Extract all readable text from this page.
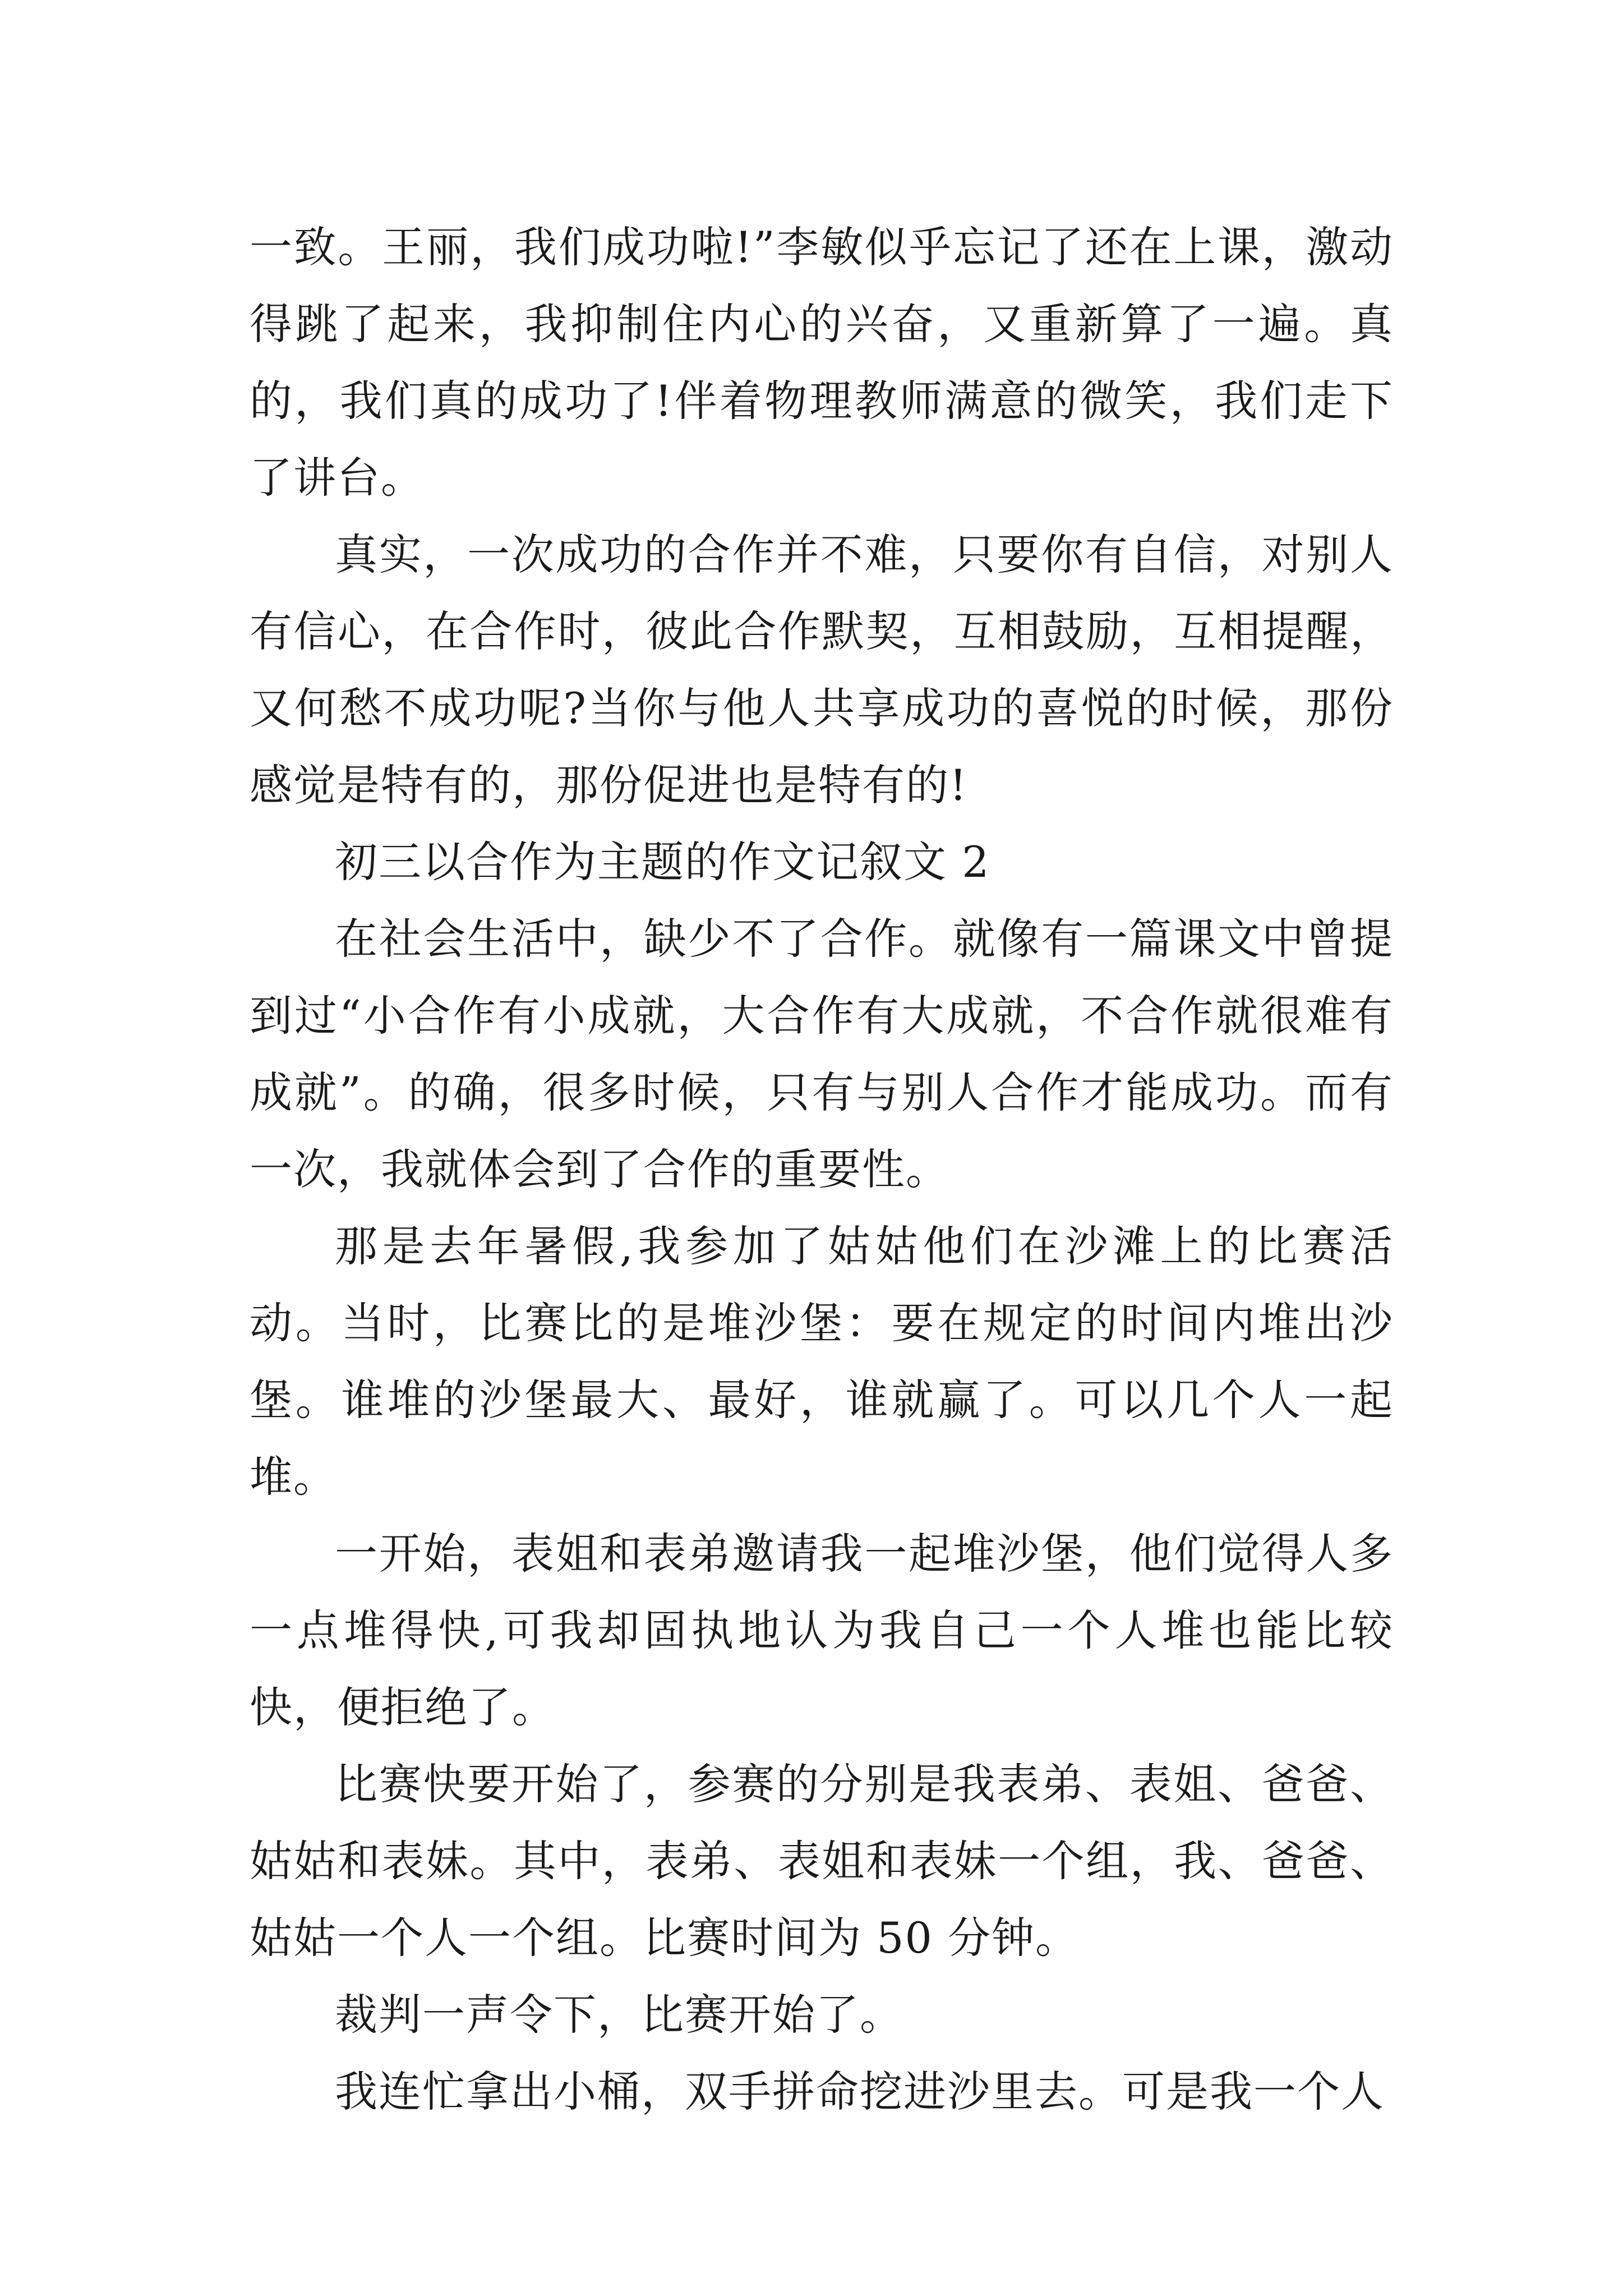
一致。王丽，我们成功啦!”李敏似乎忘记了还在上课，激动得跳了起来，我抑制住内心的兴奋，又重新算了一遍。真的，我们真的成功了!伴着物理教师满意的微笑，我们走下了讲台。

真实，一次成功的合作并不难，只要你有自信，对别人有信心，在合作时，彼此合作默契，互相鼓励，互相提醒，又何愁不成功呢?当你与他人共享成功的喜悦的时候，那份感觉是特有的，那份促进也是特有的!

初三以合作为主题的作文记叙文 2

在社会生活中，缺少不了合作。就像有一篇课文中曾提到过“小合作有小成就，大合作有大成就，不合作就很难有成就”。的确，很多时候，只有与别人合作才能成功。而有一次，我就体会到了合作的重要性。

那是去年暑假,我参加了姑姑他们在沙滩上的比赛活动。当时，比赛比的是堆沙堡：要在规定的时间内堆出沙堡。谁堆的沙堡最大、最好，谁就赢了。可以几个人一起堆。

一开始，表姐和表弟邀请我一起堆沙堡，他们觉得人多一点堆得快,可我却固执地认为我自己一个人堆也能比较快，便拒绝了。

比赛快要开始了，参赛的分别是我表弟、表姐、爸爸、姑姑和表妹。其中，表弟、表姐和表妹一个组，我、爸爸、姑姑一个人一个组。比赛时间为 50 分钟。

裁判一声令下，比赛开始了。

我连忙拿出小桶，双手拼命挖进沙里去。可是我一个人
